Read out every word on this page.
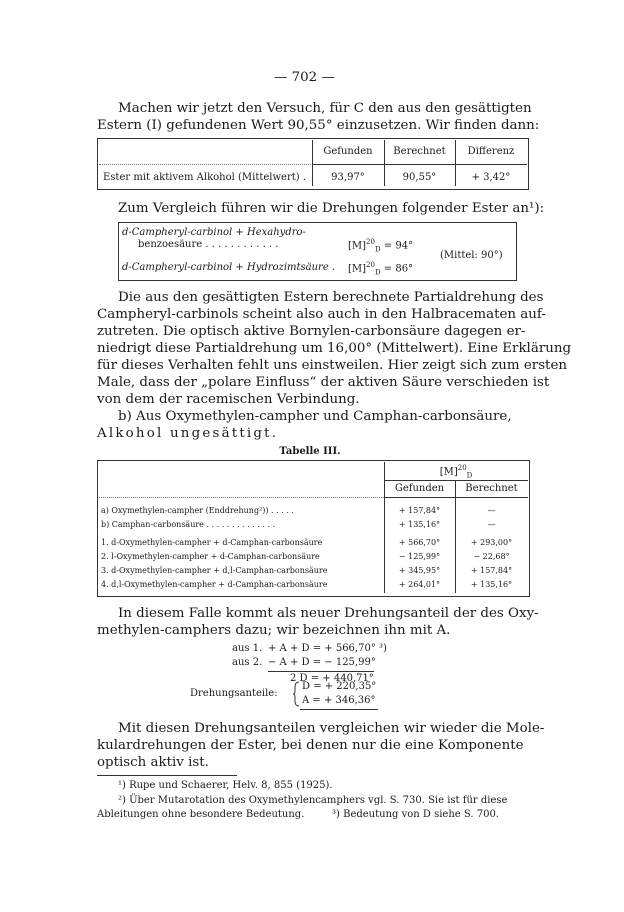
— 702 —
Machen wir jetzt den Versuch, für C den aus den gesättigten
Estern (I) gefundenen Wert 90,55° einzusetzen. Wir finden dann:
Gefunden	Berechnet	Differenz
Ester mit aktivem Alkohol (Mittelwert) .	93,97°	90,55°	+ 3,42°
Zum Vergleich führen wir die Drehungen folgender Ester an¹):
d-Campheryl-carbinol + Hexahydro-
benzoesäure . . . . . . . . . . . .	$[M]^{20}_D = 94^\circ$
d-Campheryl-carbinol + Hydrozimtsäure . $[M]^{20}_D = 86^\circ$
(Mittel: 90°)
Die aus den gesättigten Estern berechnete Partialdrehung des
Campheryl-carbinols scheint also auch in den Halbracematen auf-
zutreten. Die optisch aktive Bornylen-carbonsäure dagegen er-
niedrigt diese Partialdrehung um 16,00° (Mittelwert). Eine Erklärung
für dieses Verhalten fehlt uns einstweilen. Hier zeigt sich zum ersten
Male, dass der „polare Einfluss“ der aktiven Säure verschieden ist
von dem der racemischen Verbindung.
b) Aus Oxymethylen-campher und Camphan-carbonsäure,
Alkohol ungesättigt.
Tabelle III.
$[M]^{20}_D$
Gefunden	Berechnet
a) Oxymethylen-campher (Enddrehung²)) . . . . .	+ 157,84°	—
b) Camphan-carbonsäure . . . . . . . . . . . . . .	+ 135,16°	—
1. d-Oxymethylen-campher + d-Camphan-carbonsäure	+ 566,70°	+ 293,00°
2. l-Oxymethylen-campher + d-Camphan-carbonsäure	− 125,99°	− 22,68°
3. d-Oxymethylen-campher + d,l-Camphan-carbonsäure	+ 345,95°	+ 157,84°
4. d,l-Oxymethylen-campher + d-Camphan-carbonsäure	+ 264,01°	+ 135,16°
In diesem Falle kommt als neuer Drehungsanteil der des Oxy-
methylen-camphers dazu; wir bezeichnen ihn mit A.
aus 1. + A + D = + 566,70° ³)
aus 2. − A + D = − 125,99°
2 D = + 440,71°
Drehungsanteile:
D = + 220,35°
A = + 346,36°
Mit diesen Drehungsanteilen vergleichen wir wieder die Mole-
kulardrehungen der Ester, bei denen nur die eine Komponente
optisch aktiv ist.
¹) Rupe und Schaerer, Helv. 8, 855 (1925).
²) Über Mutarotation des Oxymethylencamphers vgl. S. 730. Sie ist für diese
Ableitungen ohne besondere Bedeutung.	³) Bedeutung von D siehe S. 700.
